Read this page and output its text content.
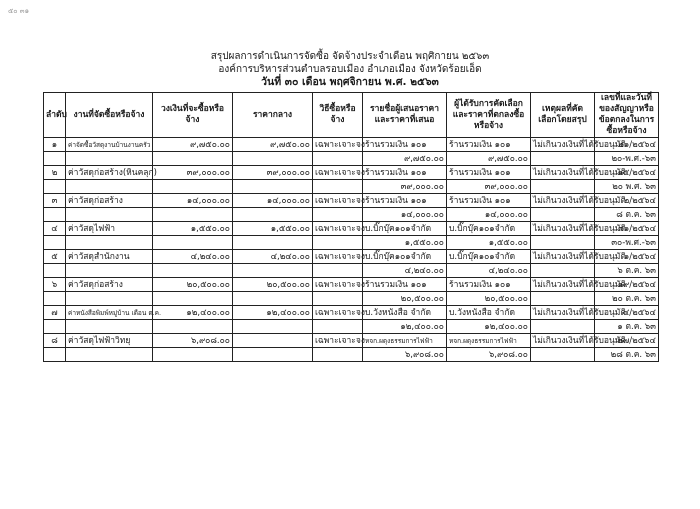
๕๐ ๓๑
สรุปผลการดำเนินการจัดซื้อ จัดจ้างประจำเดือน พฤศิกายน ๒๕๖๓
องค์การบริหารส่วนตำบลรอบเมือง อำเภอเมือง จังหวัดร้อยเอ็ด
วันที่ ๓๐ เดือน พฤศจิกายน พ.ศ. ๒๕๖๓
ลำดับ	งานที่จัดซื้อหรือจ้าง	วงเงินที่จะซื้อหรือจ้าง	ราคากลาง	วิธีซื้อหรือจ้าง	รายชื่อผู้เสนอราคาและราคาที่เสนอ	ผู้ได้รับการคัดเลือกและราคาที่ตกลงซื้อหรือจ้าง	เหตุผลที่คัดเลือกโดยสรุป	เลขที่และวันที่ของสัญญาหรือข้อตกลงในการซื้อหรือจ้าง
๑	ค่าจัดซื้อวัสดุงานบ้านงานครัว	๙,๗๕๐.๐๐	๙,๗๕๐.๐๐	เฉพาะเจาะจง	ร้านรวมเงิน ๑๐๑	ร้านรวมเงิน ๑๐๑	ไม่เกินวงเงินที่ได้รับอนุมัติ	๒๑/๒๕๖๔
					๙,๗๕๐.๐๐	๙,๗๕๐.๐๐		๒๐-พ.ศ.-๖๓
๒	ค่าวัสดุก่อสร้าง(หินคลุก)	๓๙,๐๐๐.๐๐	๓๙,๐๐๐.๐๐	เฉพาะเจาะจง	ร้านรวมเงิน ๑๐๑	ร้านรวมเงิน ๑๐๑	ไม่เกินวงเงินที่ได้รับอนุมัติ	๑๕/๒๕๖๔
					๓๙,๐๐๐.๐๐	๓๙,๐๐๐.๐๐		๒๐ พ.ศ. ๖๓
๓	ค่าวัสดุก่อสร้าง	๑๔,๐๐๐.๐๐	๑๔,๐๐๐.๐๐	เฉพาะเจาะจง	ร้านรวมเงิน ๑๐๑	ร้านรวมเงิน ๑๐๑	ไม่เกินวงเงินที่ได้รับอนุมัติ	๒/๒๕๖๔
					๑๔,๐๐๐.๐๐	๑๔,๐๐๐.๐๐		๘ ต.ค. ๖๓
๔	ค่าวัสดุไฟฟ้า	๑,๕๕๐.๐๐	๑,๕๕๐.๐๐	เฉพาะเจาะจง	บ.บิ๊กบุ๊ค๑๐๑จำกัด	บ.บิ๊กบุ๊ค๑๐๑จำกัด	ไม่เกินวงเงินที่ได้รับอนุมัติ	๓๑/๒๕๖๔
					๑,๕๕๐.๐๐	๑,๕๕๐.๐๐		๓๐-พ.ศ.-๖๓
๕	ค่าวัสดุสำนักงาน	๔,๒๔๐.๐๐	๔,๒๔๐.๐๐	เฉพาะเจาะจง	บ.บิ๊กบุ๊ค๑๐๑จำกัด	บ.บิ๊กบุ๊ค๑๐๑จำกัด	ไม่เกินวงเงินที่ได้รับอนุมัติ	๑/๒๕๖๔
					๔,๒๔๐.๐๐	๔,๒๔๐.๐๐		๖ ต.ค. ๖๓
๖	ค่าวัสดุก่อสร้าง	๒๐,๕๐๐.๐๐	๒๐,๕๐๐.๐๐	เฉพาะเจาะจง	ร้านรวมเงิน ๑๐๑	ร้านรวมเงิน ๑๐๑	ไม่เกินวงเงินที่ได้รับอนุมัติ	๑๙/๒๕๖๔
					๒๐,๕๐๐.๐๐	๒๐,๕๐๐.๐๐		๒๐ ต.ค. ๖๓
๗	ค่าหนังสือพิมพ์หมู่บ้าน เดือน ต.ค.	๑๒,๔๐๐.๐๐	๑๒,๔๐๐.๐๐	เฉพาะเจาะจง	บ.วังหนังสือ จำกัด	บ.วังหนังสือ จำกัด	ไม่เกินวงเงินที่ได้รับอนุมัติ	๔/๒๕๖๔
					๑๒,๔๐๐.๐๐	๑๒,๔๐๐.๐๐		๑ ต.ค. ๖๓
๘	ค่าวัสดุไฟฟ้าวิทยุ	๖,๙๐๘.๐๐		เฉพาะเจาะจง	หจก.ผดุงธรรมการไฟฟ้า	หจก.ผดุงธรรมการไฟฟ้า	ไม่เกินวงเงินที่ได้รับอนุมัติ	๒๗/๒๕๖๔
					๖,๙๐๘.๐๐	๖,๙๐๘.๐๐		๒๘ ต.ค. ๖๓
